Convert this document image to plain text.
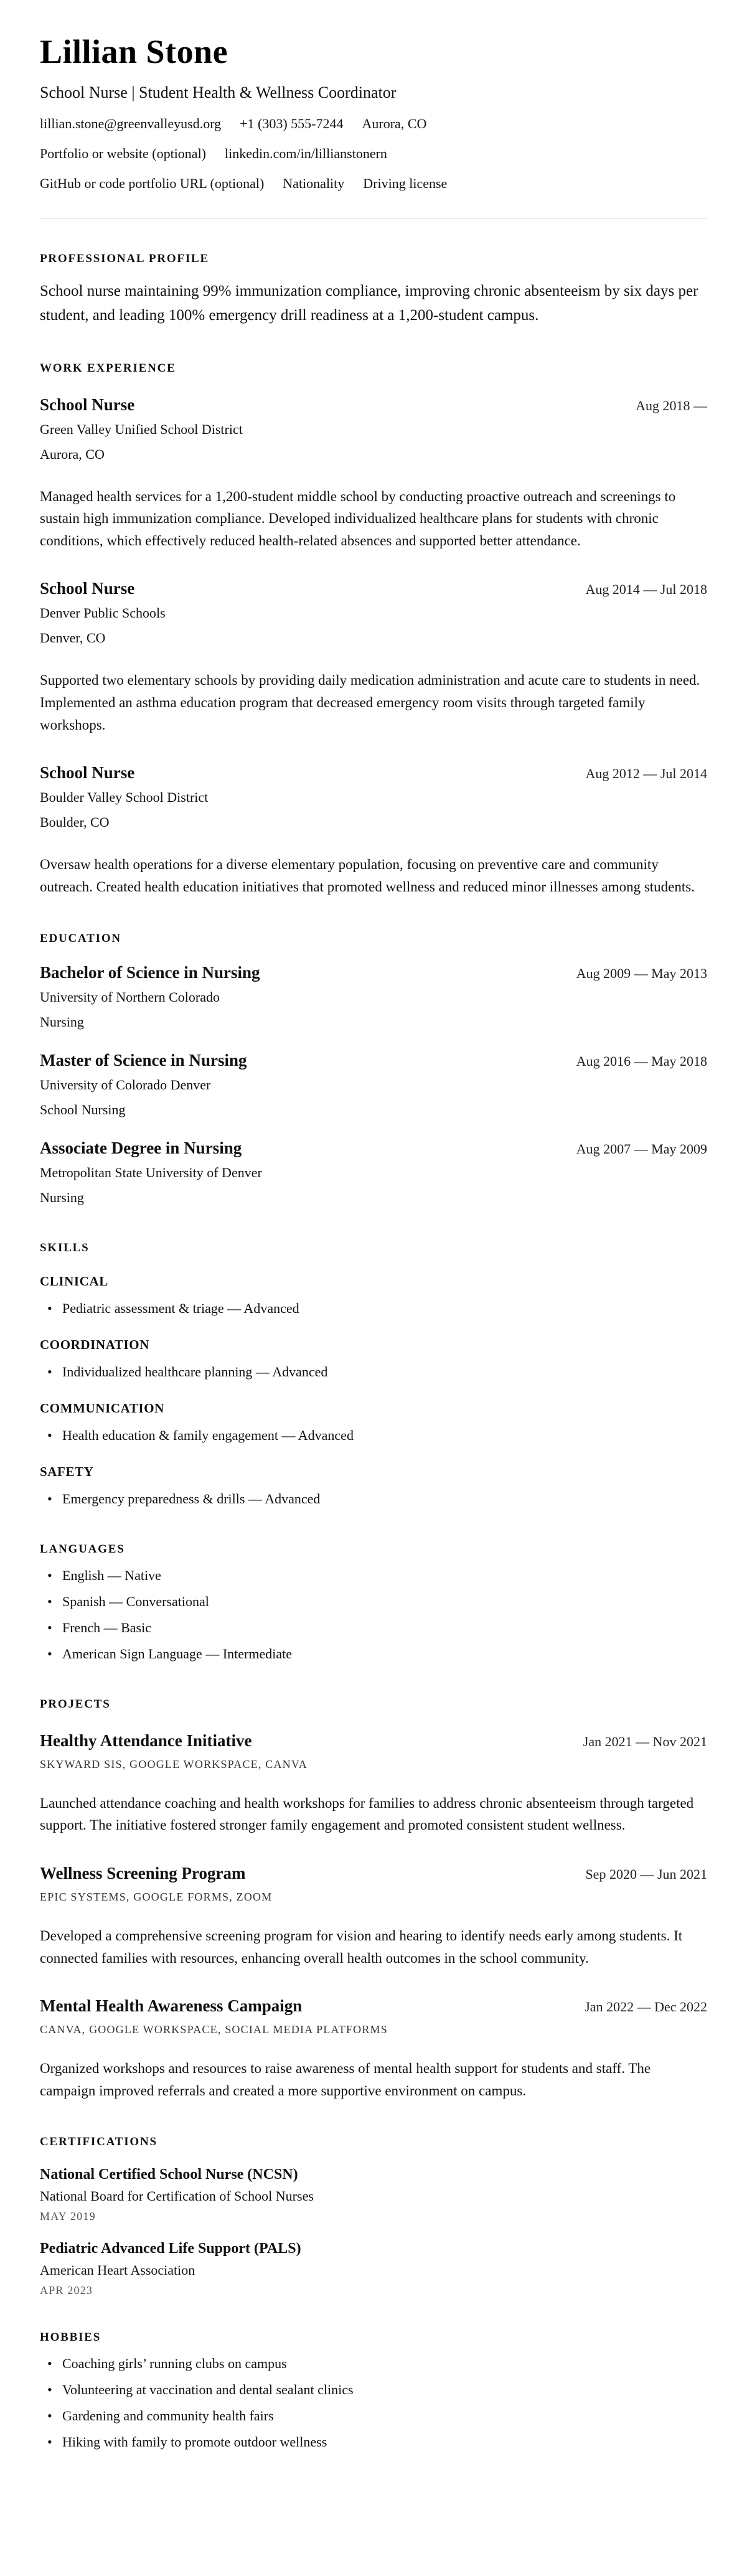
Lillian Stone
School Nurse | Student Health & Wellness Coordinator
lillian.stone@greenvalleyusd.org +1 (303) 555-7244 Aurora, CO
Portfolio or website (optional) linkedin.com/in/lillianstonern
GitHub or code portfolio URL (optional) Nationality Driving license
PROFESSIONAL PROFILE

School nurse maintaining 99% immunization compliance, improving chronic absenteeism by six days per student, and leading 100% emergency drill readiness at a 1,200-student campus.

WORK EXPERIENCE
School Nurse	Aug 2018 —
Green Valley Unified School District
Aurora, CO

Managed health services for a 1,200-student middle school by conducting proactive outreach and screenings to sustain high immunization compliance. Developed individualized healthcare plans for students with chronic conditions, which effectively reduced health-related absences and supported better attendance.

School Nurse	Aug 2014 — Jul 2018
Denver Public Schools
Denver, CO

Supported two elementary schools by providing daily medication administration and acute care to students in need. Implemented an asthma education program that decreased emergency room visits through targeted family workshops.

School Nurse	Aug 2012 — Jul 2014
Boulder Valley School District
Boulder, CO

Oversaw health operations for a diverse elementary population, focusing on preventive care and community outreach. Created health education initiatives that promoted wellness and reduced minor illnesses among students.

EDUCATION
Bachelor of Science in Nursing	Aug 2009 — May 2013
University of Northern Colorado
Nursing
Master of Science in Nursing	Aug 2016 — May 2018
University of Colorado Denver
School Nursing
Associate Degree in Nursing	Aug 2007 — May 2009
Metropolitan State University of Denver
Nursing
SKILLS
CLINICAL
• Pediatric assessment & triage — Advanced
COORDINATION
• Individualized healthcare planning — Advanced
COMMUNICATION
• Health education & family engagement — Advanced
SAFETY
• Emergency preparedness & drills — Advanced
LANGUAGES
• English — Native
• Spanish — Conversational
• French — Basic
• American Sign Language — Intermediate
PROJECTS
Healthy Attendance Initiative	Jan 2021 — Nov 2021
SKYWARD SIS, GOOGLE WORKSPACE, CANVA

Launched attendance coaching and health workshops for families to address chronic absenteeism through targeted support. The initiative fostered stronger family engagement and promoted consistent student wellness.

Wellness Screening Program	Sep 2020 — Jun 2021
EPIC SYSTEMS, GOOGLE FORMS, ZOOM

Developed a comprehensive screening program for vision and hearing to identify needs early among students. It connected families with resources, enhancing overall health outcomes in the school community.

Mental Health Awareness Campaign	Jan 2022 — Dec 2022
CANVA, GOOGLE WORKSPACE, SOCIAL MEDIA PLATFORMS

Organized workshops and resources to raise awareness of mental health support for students and staff. The campaign improved referrals and created a more supportive environment on campus.

CERTIFICATIONS
National Certified School Nurse (NCSN)
National Board for Certification of School Nurses
MAY 2019
Pediatric Advanced Life Support (PALS)
American Heart Association
APR 2023
HOBBIES
• Coaching girls’ running clubs on campus
• Volunteering at vaccination and dental sealant clinics
• Gardening and community health fairs
• Hiking with family to promote outdoor wellness
